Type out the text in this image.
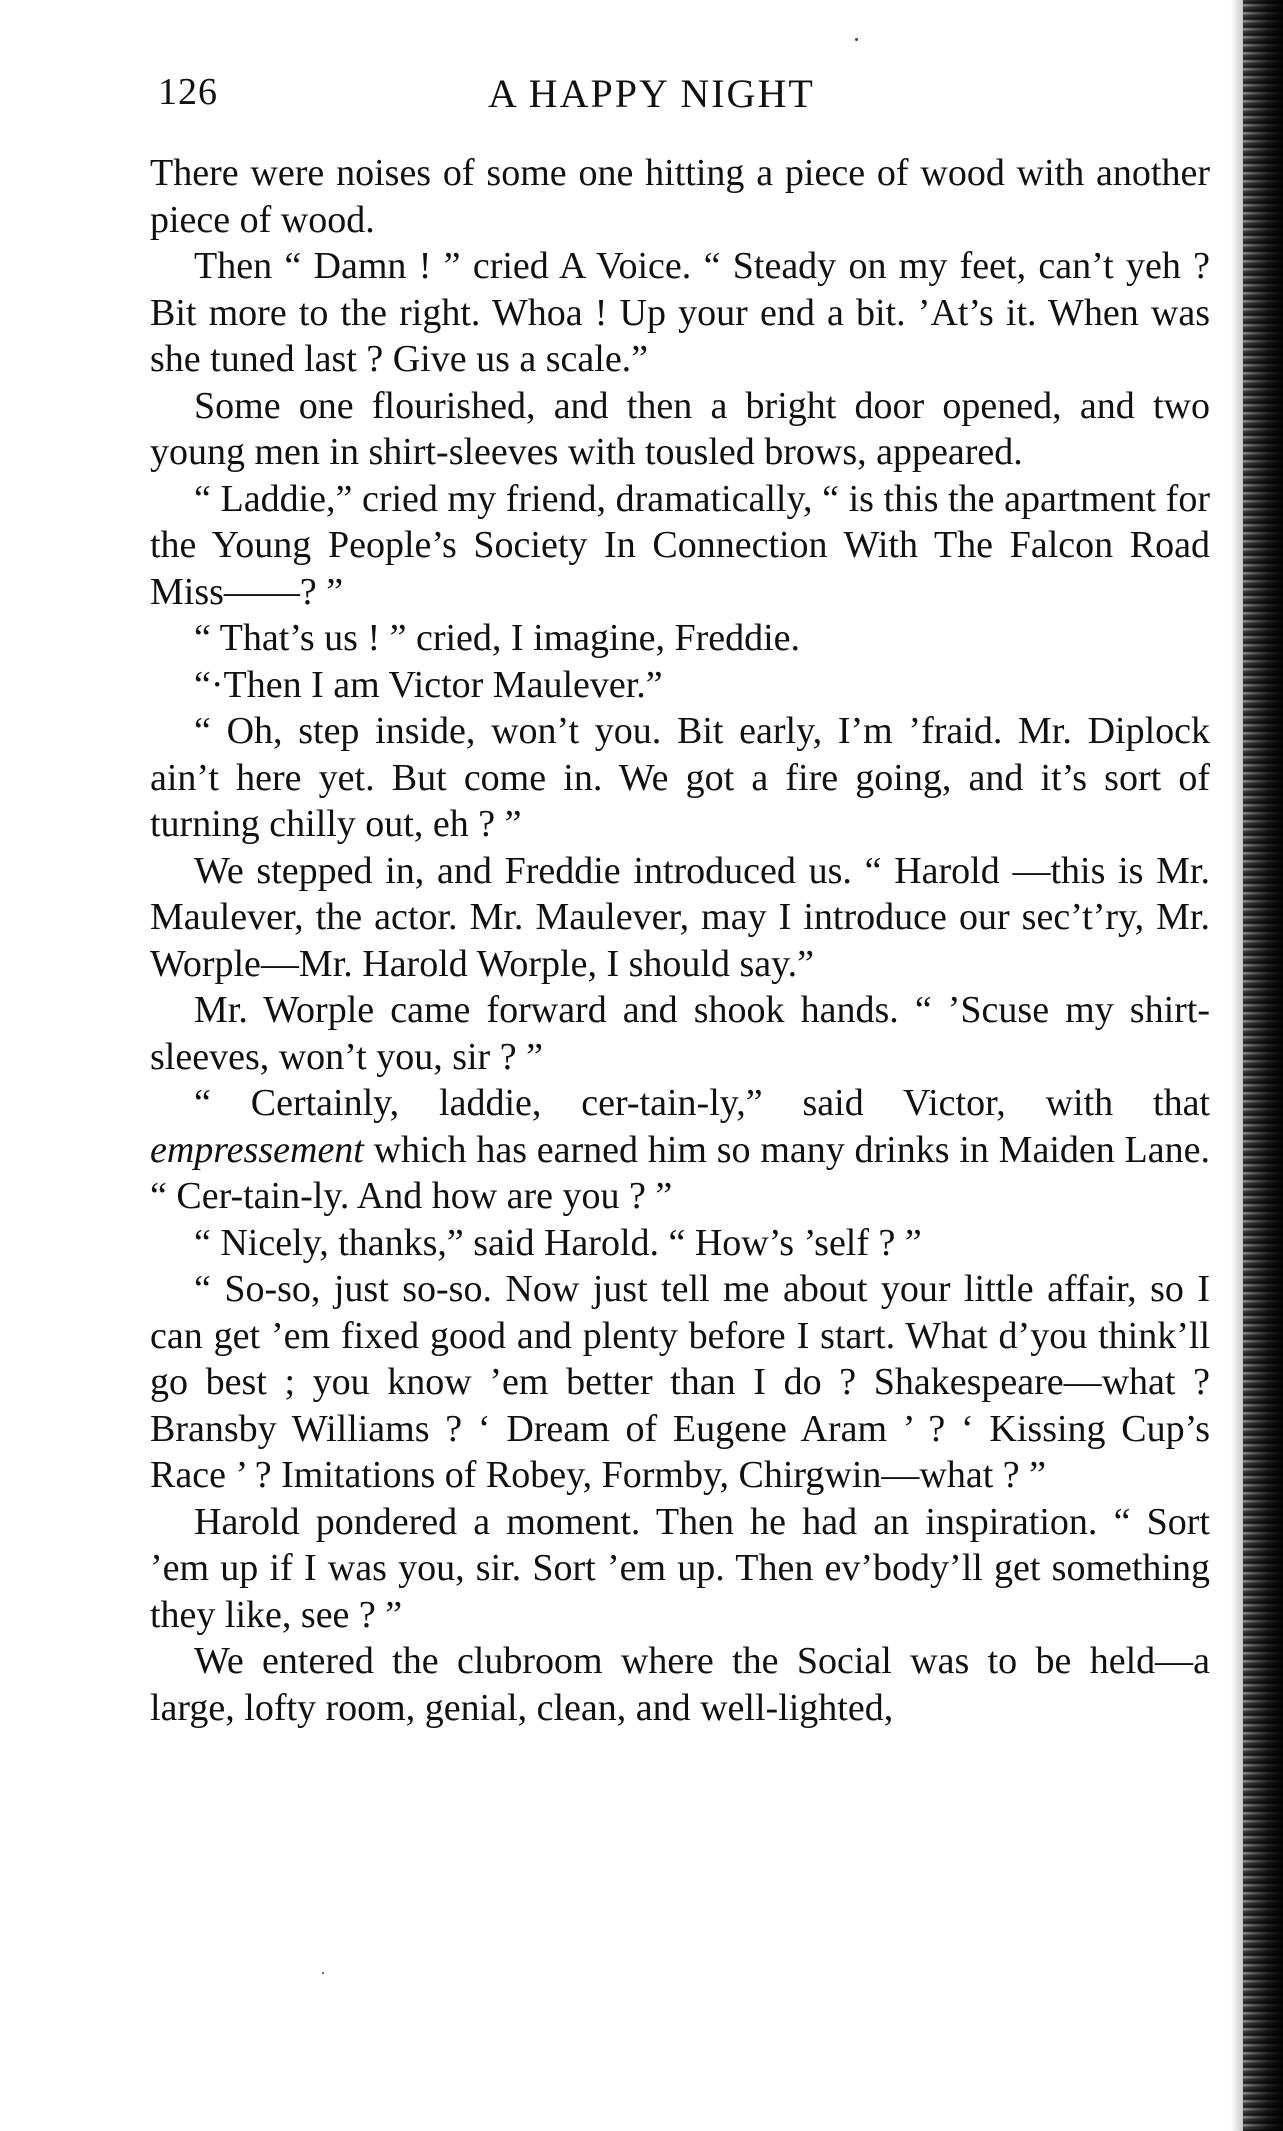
126	A HAPPY NIGHT

There were noises of some one hitting a piece of wood with another piece of wood.

Then “ Damn ! ” cried A Voice. “ Steady on my feet, can’t yeh ? Bit more to the right. Whoa ! Up your end a bit. ’At’s it. When was she tuned last ? Give us a scale.”

Some one flourished, and then a bright door opened, and two young men in shirt-sleeves with tousled brows, appeared.

“ Laddie,” cried my friend, dramatically, “ is this the apartment for the Young People’s Society In Connection With The Falcon Road Miss——? ”

“ That’s us ! ” cried, I imagine, Freddie.

“·Then I am Victor Maulever.”

“ Oh, step inside, won’t you. Bit early, I’m ’fraid. Mr. Diplock ain’t here yet. But come in. We got a fire going, and it’s sort of turning chilly out, eh ? ”

We stepped in, and Freddie introduced us. “ Harold —this is Mr. Maulever, the actor. Mr. Maulever, may I introduce our sec’t’ry, Mr. Worple—Mr. Harold Worple, I should say.”

Mr. Worple came forward and shook hands. “ ’Scuse my shirt-sleeves, won’t you, sir ? ”

“ Certainly, laddie, cer-tain-ly,” said Victor, with that empressement which has earned him so many drinks in Maiden Lane. “ Cer-tain-ly. And how are you ? ”

“ Nicely, thanks,” said Harold. “ How’s ’self ? ”

“ So-so, just so-so. Now just tell me about your little affair, so I can get ’em fixed good and plenty before I start. What d’you think’ll go best ; you know ’em better than I do ? Shakespeare—what ? Bransby Williams ? ‘ Dream of Eugene Aram ’ ? ‘ Kissing Cup’s Race ’ ? Imitations of Robey, Formby, Chirgwin—what ? ”

Harold pondered a moment. Then he had an inspiration. “ Sort ’em up if I was you, sir. Sort ’em up. Then ev’body’ll get something they like, see ? ”

We entered the clubroom where the Social was to be held—a large, lofty room, genial, clean, and well-lighted,
